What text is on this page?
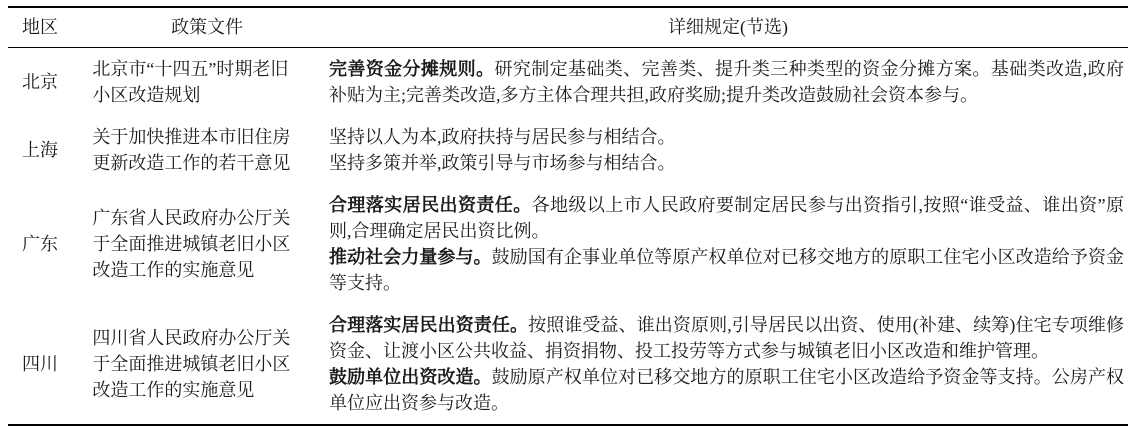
地区	政策文件	详细规定(节选)
北京	北京市“十四五”时期老旧小区改造规划	完善资金分摊规则。研究制定基础类、完善类、提升类三种类型的资金分摊方案。基础类改造,政府补贴为主;完善类改造,多方主体合理共担,政府奖励;提升类改造鼓励社会资本参与。

上海	关于加快推进本市旧住房更新改造工作的若干意见	坚持以人为本,政府扶持与居民参与相结合。

坚持多策并举,政策引导与市场参与相结合。

广东	广东省人民政府办公厅关于全面推进城镇老旧小区改造工作的实施意见	合理落实居民出资责任。各地级以上市人民政府要制定居民参与出资指引,按照“谁受益、谁出资”原则,合理确定居民出资比例。

推动社会力量参与。鼓励国有企事业单位等原产权单位对已移交地方的原职工住宅小区改造给予资金等支持。

四川	四川省人民政府办公厅关于全面推进城镇老旧小区改造工作的实施意见	合理落实居民出资责任。按照谁受益、谁出资原则,引导居民以出资、使用(补建、续筹)住宅专项维修资金、让渡小区公共收益、捐资捐物、投工投劳等方式参与城镇老旧小区改造和维护管理。

鼓励单位出资改造。鼓励原产权单位对已移交地方的原职工住宅小区改造给予资金等支持。公房产权单位应出资参与改造。
